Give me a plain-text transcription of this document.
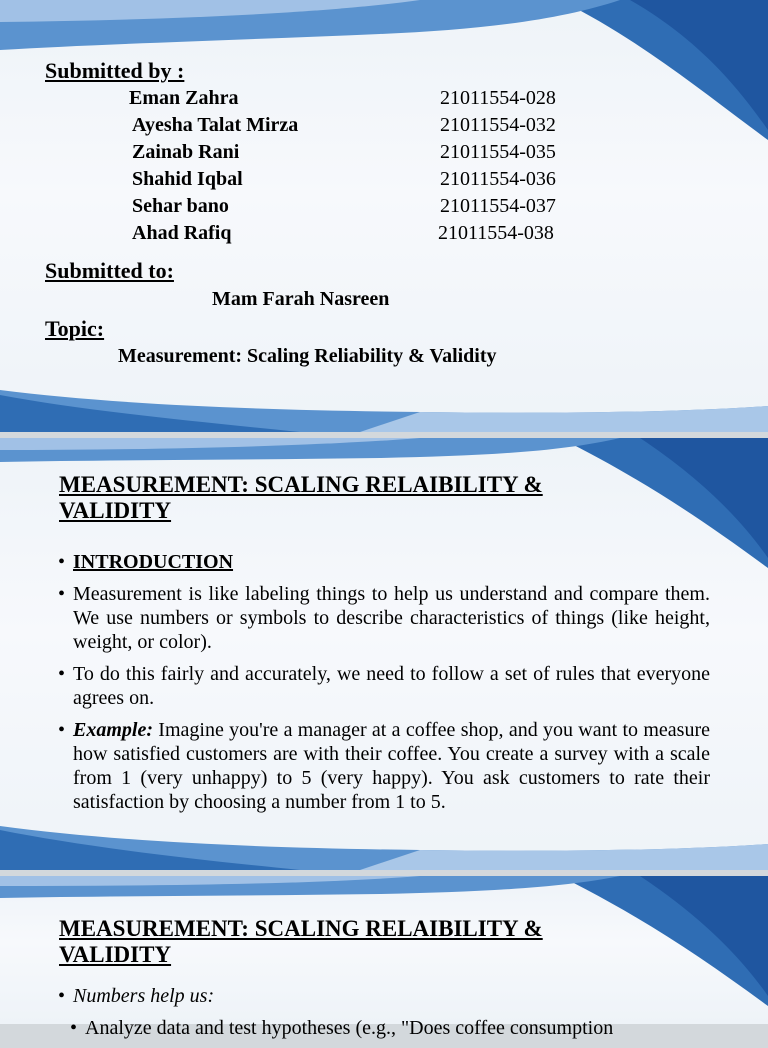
Submitted by :
Eman Zahra	21011554-028
Ayesha Talat Mirza	21011554-032
Zainab Rani	21011554-035
Shahid Iqbal	21011554-036
Sehar bano	21011554-037
Ahad Rafiq	21011554-038
Submitted to:
Mam Farah Nasreen
Topic:
Measurement: Scaling Reliability & Validity
MEASUREMENT: SCALING RELAIBILITY & VALIDITY
• INTRODUCTION
• Measurement is like labeling things to help us understand and compare them. We use numbers or symbols to describe characteristics of things (like height, weight, or color).
• To do this fairly and accurately, we need to follow a set of rules that everyone agrees on.
• Example: Imagine you're a manager at a coffee shop, and you want to measure how satisfied customers are with their coffee. You create a survey with a scale from 1 (very unhappy) to 5 (very happy). You ask customers to rate their satisfaction by choosing a number from 1 to 5.
MEASUREMENT: SCALING RELAIBILITY & VALIDITY
• Numbers help us:
• Analyze data and test hypotheses (e.g., "Does coffee consumption
